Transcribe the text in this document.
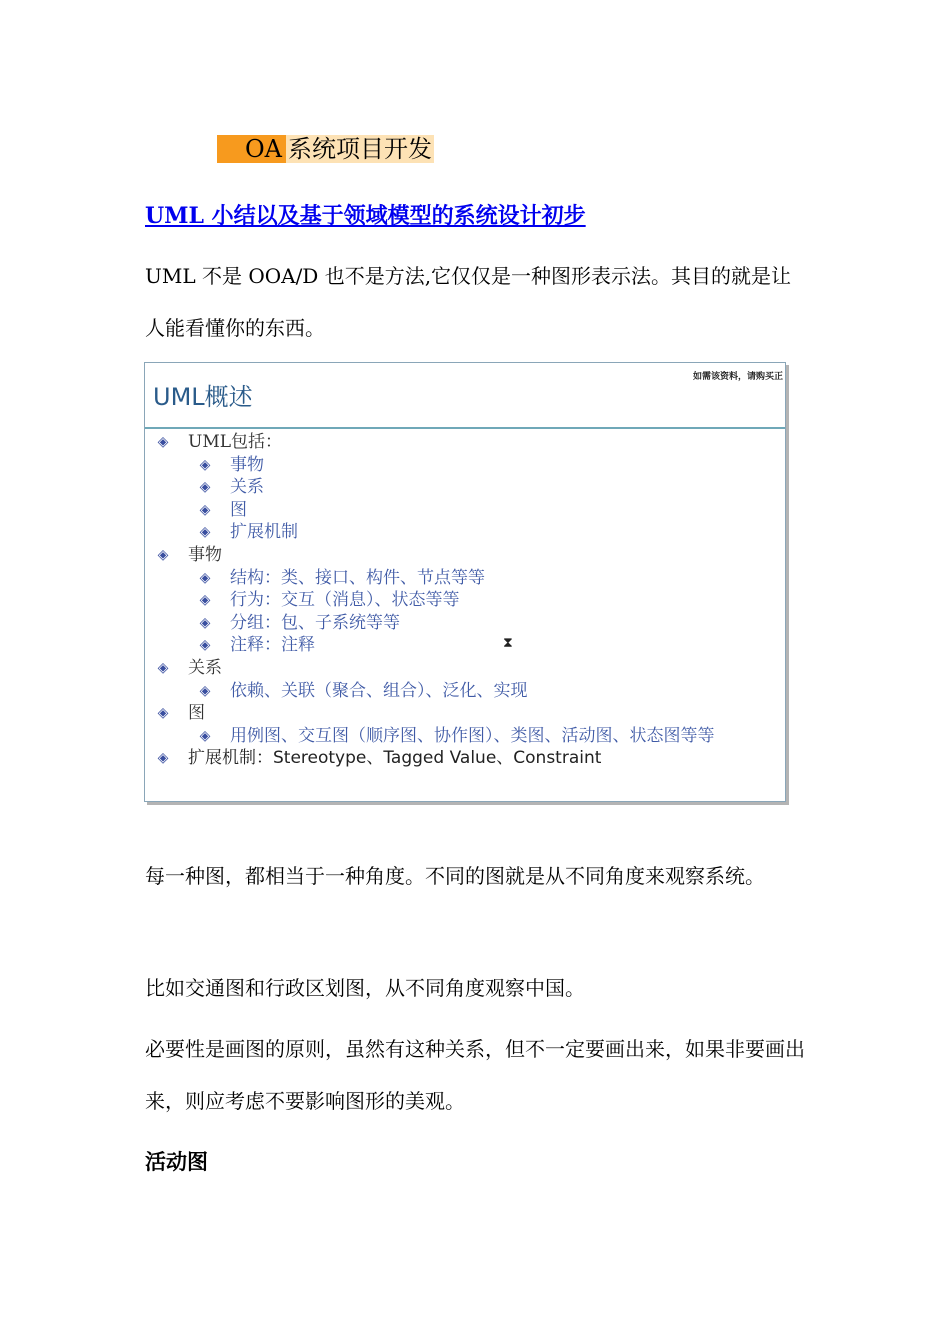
OA 系统项目开发
UML 小结以及基于领域模型的系统设计初步
UML 不是 OOA/D 也不是方法,它仅仅是一种图形表示法。其目的就是让人能看懂你的东西。
UML概述
如需该资料，请购买正
◈ UML包括：
◈ 事物
◈ 关系
◈ 图
◈ 扩展机制
◈ 事物
◈ 结构：类、接口、构件、节点等等
◈ 行为：交互（消息）、状态等等
◈ 分组：包、子系统等等
◈ 注释：注释
◈ 关系
◈ 依赖、关联（聚合、组合）、泛化、实现
◈ 图
◈ 用例图、交互图（顺序图、协作图）、类图、活动图、状态图等等
◈ 扩展机制：Stereotype、Tagged Value、Constraint
⧗
每一种图，都相当于一种角度。不同的图就是从不同角度来观察系统。
比如交通图和行政区划图，从不同角度观察中国。
必要性是画图的原则，虽然有这种关系，但不一定要画出来，如果非要画出来，则应考虑不要影响图形的美观。
活动图
